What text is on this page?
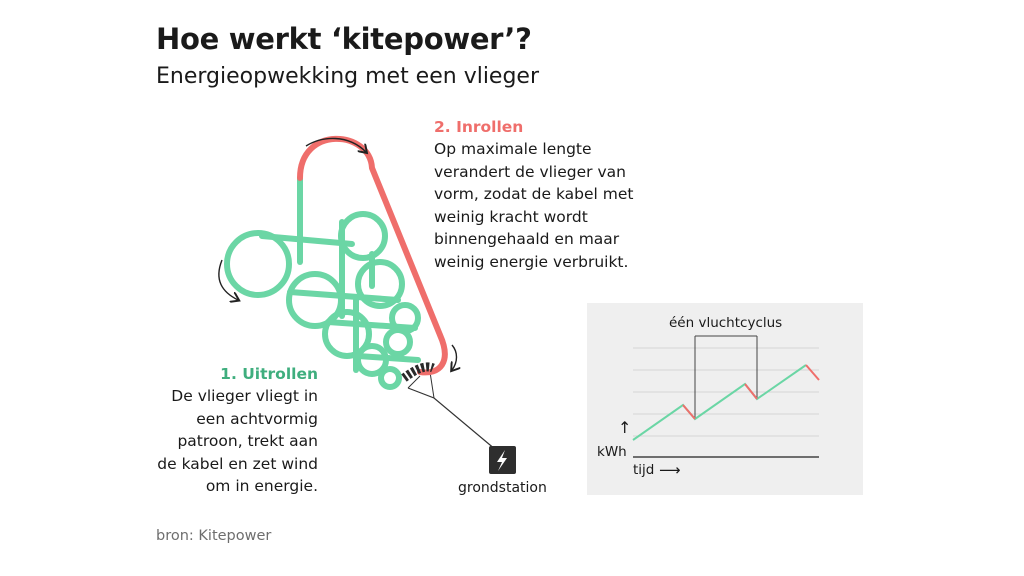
Hoe werkt ‘kitepower’?
Energieopwekking met een vlieger
2. Inrollen
Op maximale lengte
verandert de vlieger van
vorm, zodat de kabel met
weinig kracht wordt
binnengehaald en maar
weinig energie verbruikt.
1. Uitrollen
De vlieger vliegt in
een achtvormig
patroon, trekt aan
de kabel en zet wind
om in energie.	grondstation
één vluchtcyclus
↑
kWh
tijd ⟶
bron: Kitepower
